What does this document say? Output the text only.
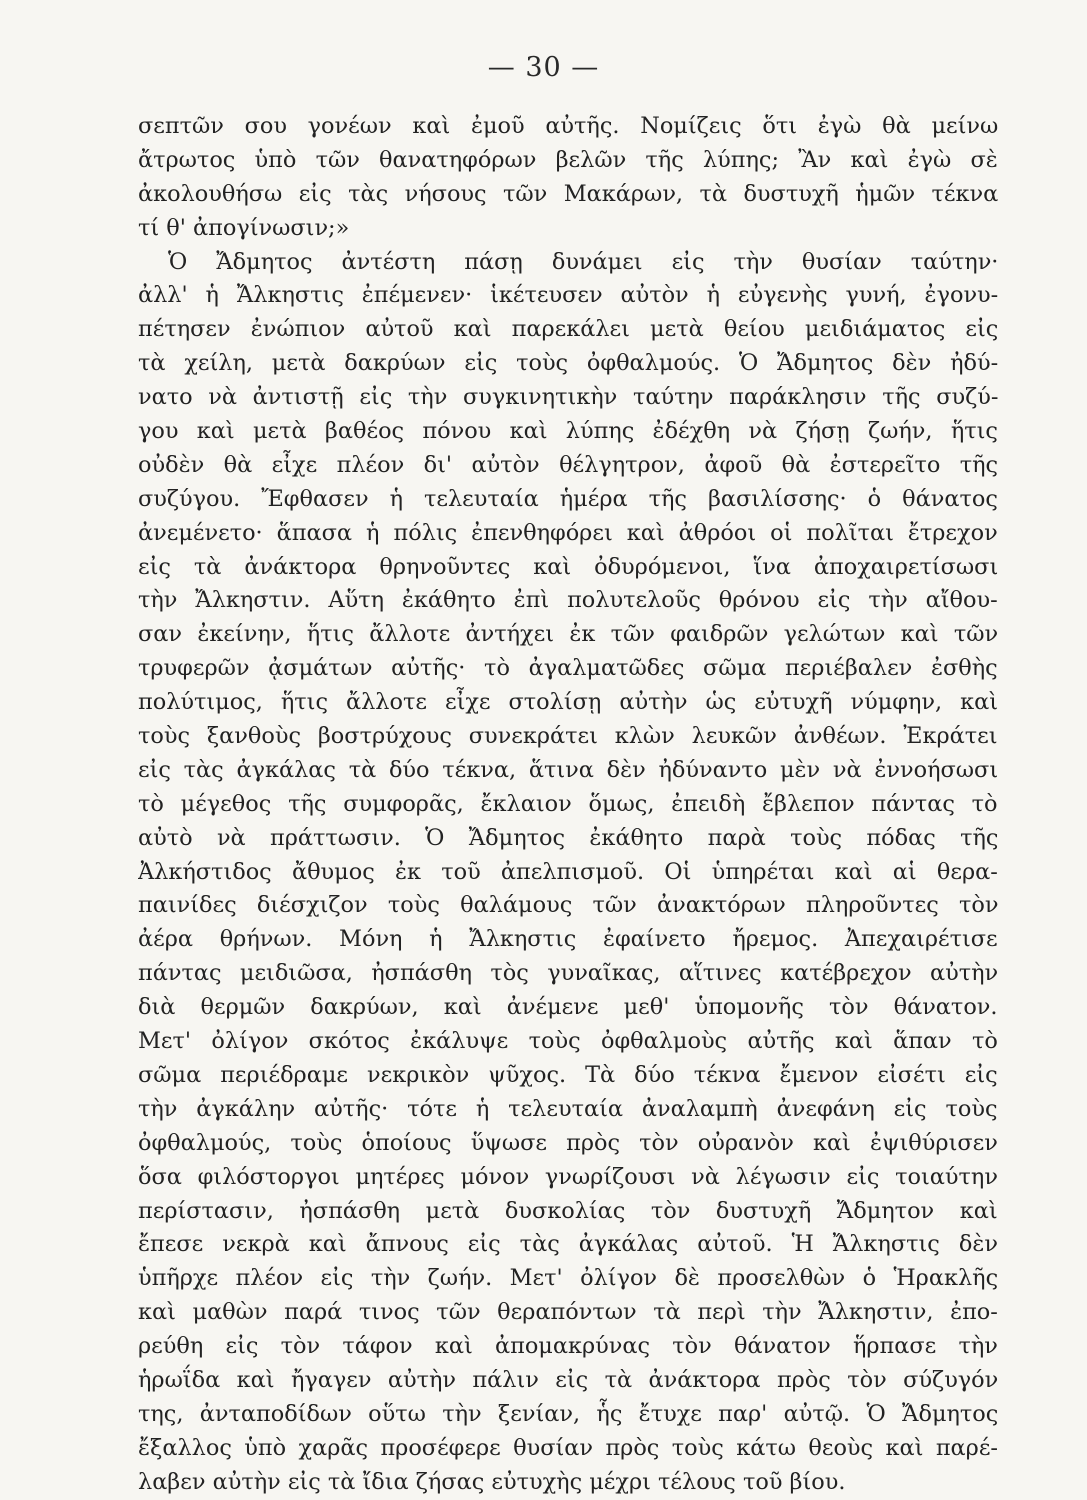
— 30 —
σεπτῶν σου γονέων καὶ ἐμοῦ αὐτῆς. Νομίζεις ὅτι ἐγὼ θὰ μείνω
ἄτρωτος ὑπὸ τῶν θανατηφόρων βελῶν τῆς λύπης; Ἂν καὶ ἐγὼ σὲ
ἀκολουθήσω εἰς τὰς νήσους τῶν Μακάρων, τὰ δυστυχῆ ἡμῶν τέκνα
τί θ' ἀπογίνωσιν;»
Ὁ Ἄδμητος ἀντέστη πάσῃ δυνάμει εἰς τὴν θυσίαν ταύτην·
ἀλλ' ἡ Ἄλκηστις ἐπέμενεν· ἱκέτευσεν αὐτὸν ἡ εὐγενὴς γυνή, ἐγονυ-
πέτησεν ἐνώπιον αὐτοῦ καὶ παρεκάλει μετὰ θείου μειδιάματος εἰς
τὰ χείλη, μετὰ δακρύων εἰς τοὺς ὀφθαλμούς. Ὁ Ἄδμητος δὲν ἠδύ-
νατο νὰ ἀντιστῇ εἰς τὴν συγκινητικὴν ταύτην παράκλησιν τῆς συζύ-
γου καὶ μετὰ βαθέος πόνου καὶ λύπης ἐδέχθη νὰ ζήσῃ ζωήν, ἥτις
οὐδὲν θὰ εἶχε πλέον δι' αὐτὸν θέλγητρον, ἀφοῦ θὰ ἐστερεῖτο τῆς
συζύγου. Ἔφθασεν ἡ τελευταία ἡμέρα τῆς βασιλίσσης· ὁ θάνατος
ἀνεμένετο· ἅπασα ἡ πόλις ἐπενθηφόρει καὶ ἀθρόοι οἱ πολῖται ἔτρεχον
εἰς τὰ ἀνάκτορα θρηνοῦντες καὶ ὀδυρόμενοι, ἵνα ἀποχαιρετίσωσι
τὴν Ἄλκηστιν. Αὕτη ἐκάθητο ἐπὶ πολυτελοῦς θρόνου εἰς τὴν αἴθου-
σαν ἐκείνην, ἥτις ἄλλοτε ἀντήχει ἐκ τῶν φαιδρῶν γελώτων καὶ τῶν
τρυφερῶν ᾀσμάτων αὐτῆς· τὸ ἀγαλματῶδες σῶμα περιέβαλεν ἐσθὴς
πολύτιμος, ἥτις ἄλλοτε εἶχε στολίσῃ αὐτὴν ὡς εὐτυχῆ νύμφην, καὶ
τοὺς ξανθοὺς βοστρύχους συνεκράτει κλὼν λευκῶν ἀνθέων. Ἐκράτει
εἰς τὰς ἀγκάλας τὰ δύο τέκνα, ἅτινα δὲν ἠδύναντο μὲν νὰ ἐννοήσωσι
τὸ μέγεθος τῆς συμφορᾶς, ἔκλαιον ὅμως, ἐπειδὴ ἔβλεπον πάντας τὸ
αὐτὸ νὰ πράττωσιν. Ὁ Ἄδμητος ἐκάθητο παρὰ τοὺς πόδας τῆς
Ἀλκήστιδος ἄθυμος ἐκ τοῦ ἀπελπισμοῦ. Οἱ ὑπηρέται καὶ αἱ θερα-
παινίδες διέσχιζον τοὺς θαλάμους τῶν ἀνακτόρων πληροῦντες τὸν
ἀέρα θρήνων. Μόνη ἡ Ἄλκηστις ἐφαίνετο ἤρεμος. Ἀπεχαιρέτισε
πάντας μειδιῶσα, ἠσπάσθη τὸς γυναῖκας, αἵτινες κατέβρεχον αὐτὴν
διὰ θερμῶν δακρύων, καὶ ἀνέμενε μεθ' ὑπομονῆς τὸν θάνατον.
Μετ' ὀλίγον σκότος ἐκάλυψε τοὺς ὀφθαλμοὺς αὐτῆς καὶ ἅπαν τὸ
σῶμα περιέδραμε νεκρικὸν ψῦχος. Τὰ δύο τέκνα ἔμενον εἰσέτι εἰς
τὴν ἀγκάλην αὐτῆς· τότε ἡ τελευταία ἀναλαμπὴ ἀνεφάνη εἰς τοὺς
ὀφθαλμούς, τοὺς ὁποίους ὕψωσε πρὸς τὸν οὐρανὸν καὶ ἐψιθύρισεν
ὅσα φιλόστοργοι μητέρες μόνον γνωρίζουσι νὰ λέγωσιν εἰς τοιαύτην
περίστασιν, ἠσπάσθη μετὰ δυσκολίας τὸν δυστυχῆ Ἄδμητον καὶ
ἔπεσε νεκρὰ καὶ ἄπνους εἰς τὰς ἀγκάλας αὐτοῦ. Ἡ Ἄλκηστις δὲν
ὑπῆρχε πλέον εἰς τὴν ζωήν. Μετ' ὀλίγον δὲ προσελθὼν ὁ Ἡρακλῆς
καὶ μαθὼν παρά τινος τῶν θεραπόντων τὰ περὶ τὴν Ἄλκηστιν, ἐπο-
ρεύθη εἰς τὸν τάφον καὶ ἀπομακρύνας τὸν θάνατον ἥρπασε τὴν
ἡρωΐδα καὶ ἤγαγεν αὐτὴν πάλιν εἰς τὰ ἀνάκτορα πρὸς τὸν σύζυγόν
της, ἀνταποδίδων οὕτω τὴν ξενίαν, ἧς ἔτυχε παρ' αὐτῷ. Ὁ Ἄδμητος
ἔξαλλος ὑπὸ χαρᾶς προσέφερε θυσίαν πρὸς τοὺς κάτω θεοὺς καὶ παρέ-
λαβεν αὐτὴν εἰς τὰ ἴδια ζήσας εὐτυχὴς μέχρι τέλους τοῦ βίου.
